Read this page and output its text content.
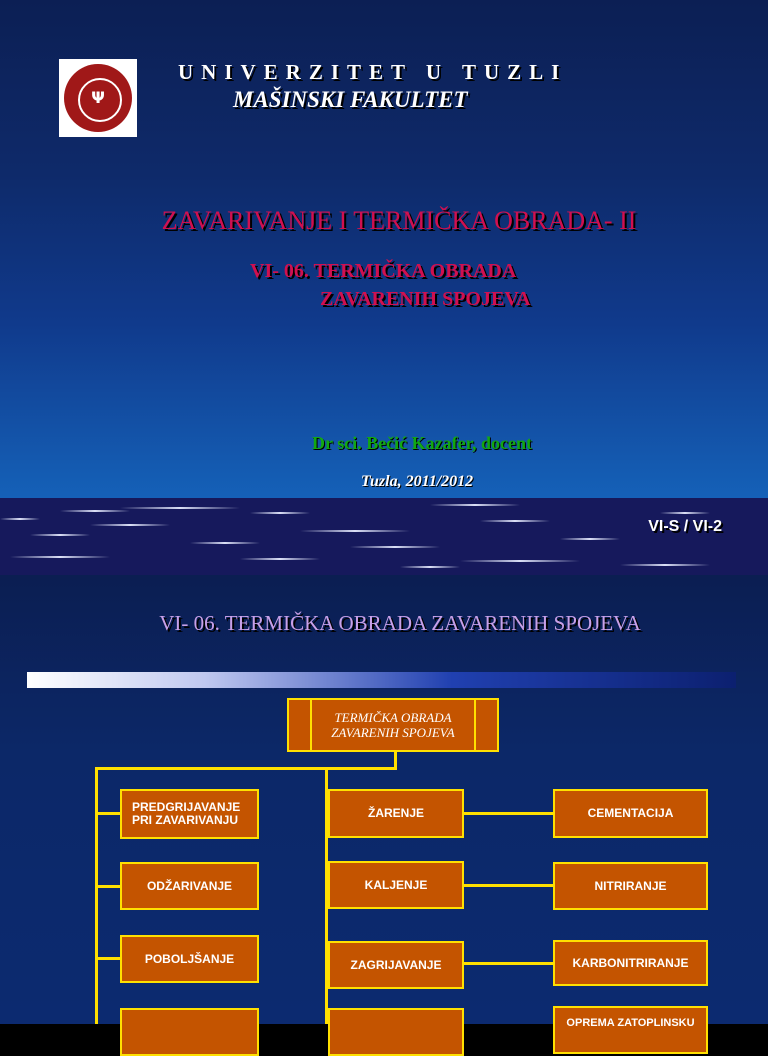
Ψ
UNIVERZITET U TUZLI
MAŠINSKI FAKULTET
ZAVARIVANJE I TERMIČKA OBRADA- II
VI- 06. TERMIČKA OBRADA
ZAVARENIH SPOJEVA
Dr sci. Bečić Kazafer, docent
Tuzla, 2011/2012
VI-S / VI-2
VI- 06. TERMIČKA OBRADA ZAVARENIH SPOJEVA
TERMIČKA OBRADA
ZAVARENIH SPOJEVA
PREDGRIJAVANJE
PRI ZAVARIVANJU
ODŽARIVANJE
POBOLJŠANJE
ŽARENJE
KALJENJE
ZAGRIJAVANJE
CEMENTACIJA
NITRIRANJE
KARBONITRIRANJE
OPREMA ZATOPLINSKU
